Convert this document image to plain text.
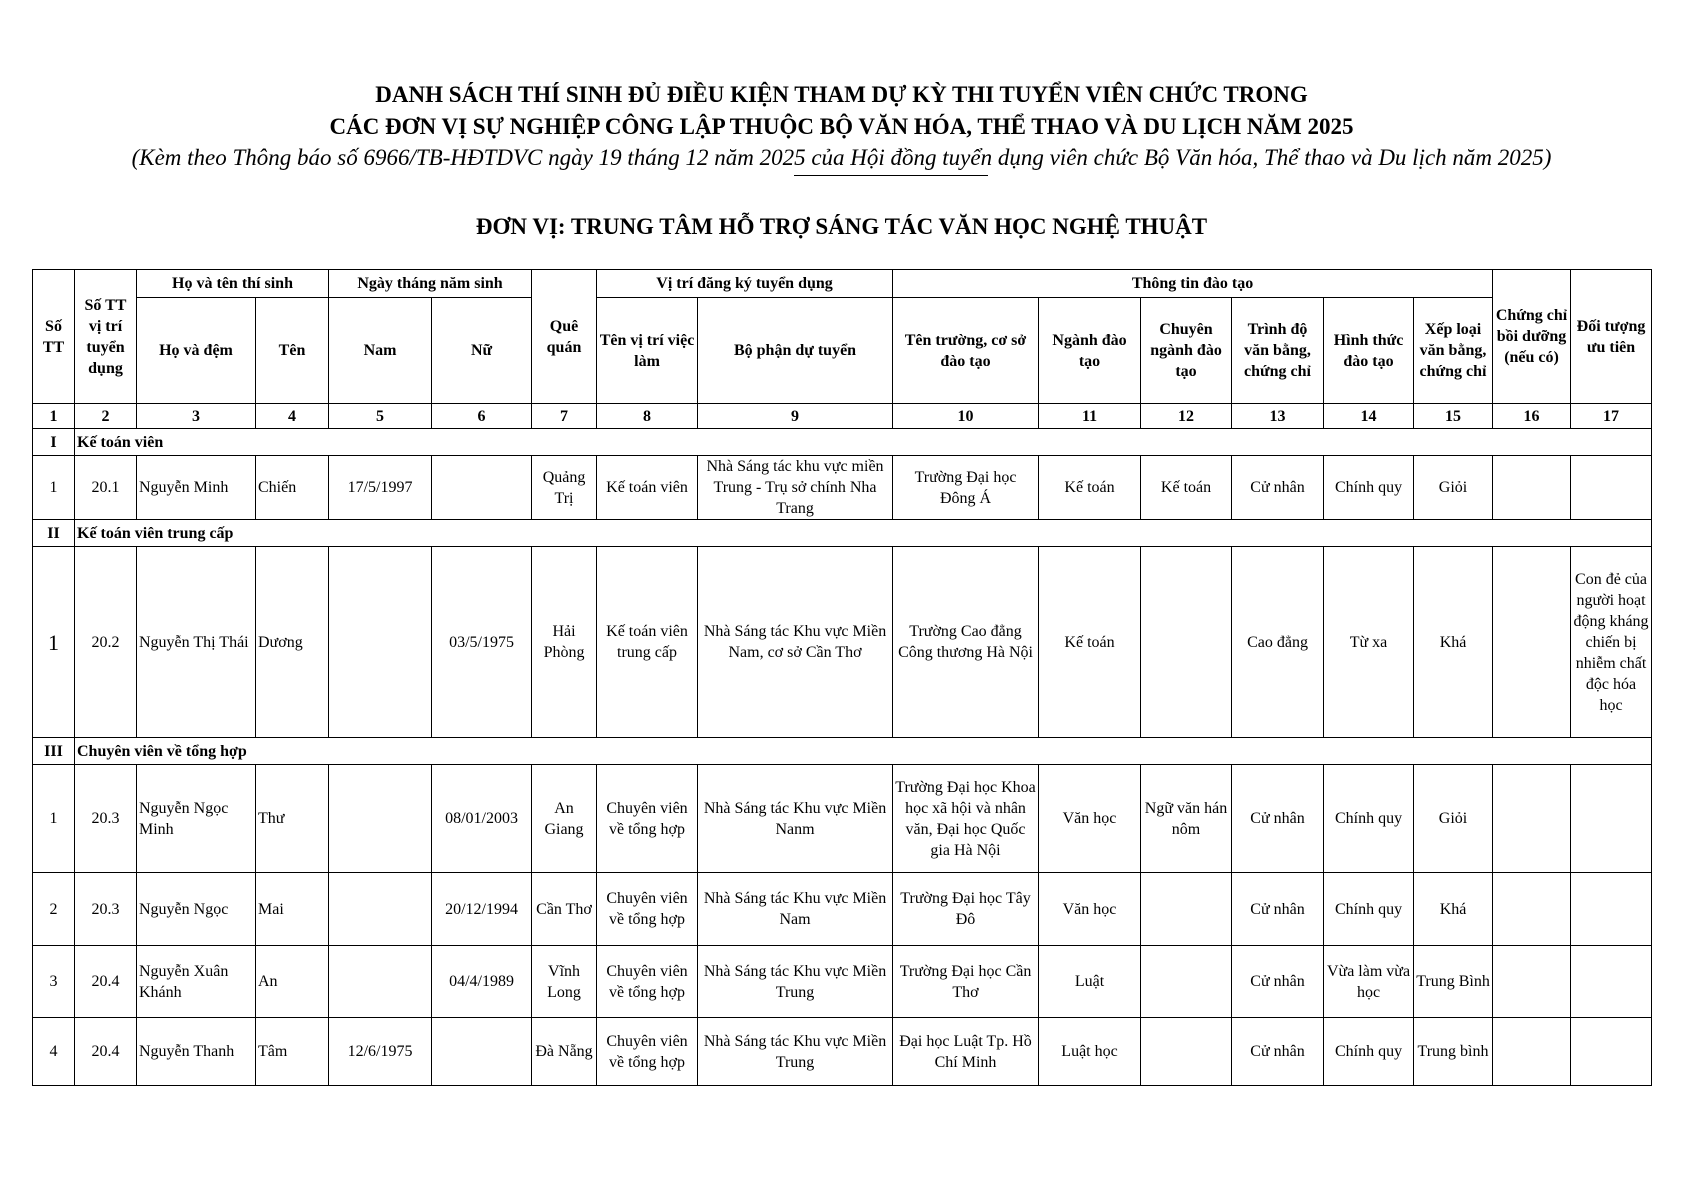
DANH SÁCH THÍ SINH ĐỦ ĐIỀU KIỆN THAM DỰ KỲ THI TUYỂN VIÊN CHỨC TRONG
CÁC ĐƠN VỊ SỰ NGHIỆP CÔNG LẬP THUỘC BỘ VĂN HÓA, THỂ THAO VÀ DU LỊCH NĂM 2025
(Kèm theo Thông báo số 6966/TB-HĐTDVC ngày 19 tháng 12 năm 2025 của Hội đồng tuyển dụng viên chức Bộ Văn hóa, Thể thao và Du lịch năm 2025)
ĐƠN VỊ: TRUNG TÂM HỖ TRỢ SÁNG TÁC VĂN HỌC NGHỆ THUẬT
Số TT	Số TT vị trí tuyển dụng	Họ và tên thí sinh		Ngày tháng năm sinh		Quê quán	Vị trí đăng ký tuyển dụng		Thông tin đào tạo						Chứng chỉ bồi dưỡng (nếu có)	Đối tượng ưu tiên
		Họ và đệm	Tên	Nam	Nữ		Tên vị trí việc làm	Bộ phận dự tuyển	Tên trường, cơ sở đào tạo	Ngành đào tạo	Chuyên ngành đào tạo	Trình độ văn bằng, chứng chỉ	Hình thức đào tạo	Xếp loại văn bằng, chứng chỉ		
1	2	3	4	5	6	7	8	9	10	11	12	13	14	15	16	17
I	Kế toán viên															
1	20.1	Nguyễn Minh	Chiến	17/5/1997		Quảng Trị	Kế toán viên	Nhà Sáng tác khu vực miền Trung - Trụ sở chính Nha Trang	Trường Đại học Đông Á	Kế toán	Kế toán	Cử nhân	Chính quy	Giỏi		
II	Kế toán viên trung cấp															
1	20.2	Nguyễn Thị Thái	Dương		03/5/1975	Hải Phòng	Kế toán viên trung cấp	Nhà Sáng tác Khu vực Miền Nam, cơ sở Cần Thơ	Trường Cao đẳng Công thương Hà Nội	Kế toán		Cao đẳng	Từ xa	Khá		Con đẻ của người hoạt động kháng chiến bị nhiễm chất độc hóa học
III	Chuyên viên về tổng hợp															
1	20.3	Nguyễn Ngọc Minh	Thư		08/01/2003	An Giang	Chuyên viên về tổng hợp	Nhà Sáng tác Khu vực Miền Nanm	Trường Đại học Khoa học xã hội và nhân văn, Đại học Quốc gia Hà Nội	Văn học	Ngữ văn hán nôm	Cử nhân	Chính quy	Giỏi		
2	20.3	Nguyễn Ngọc	Mai		20/12/1994	Cần Thơ	Chuyên viên về tổng hợp	Nhà Sáng tác Khu vực Miền Nam	Trường Đại học Tây Đô	Văn học		Cử nhân	Chính quy	Khá		
3	20.4	Nguyễn Xuân Khánh	An		04/4/1989	Vĩnh Long	Chuyên viên về tổng hợp	Nhà Sáng tác Khu vực Miền Trung	Trường Đại học Cần Thơ	Luật		Cử nhân	Vừa làm vừa học	Trung Bình		
4	20.4	Nguyễn Thanh	Tâm	12/6/1975		Đà Nẵng	Chuyên viên về tổng hợp	Nhà Sáng tác Khu vực Miền Trung	Đại học Luật Tp. Hồ Chí Minh	Luật học		Cử nhân	Chính quy	Trung bình		
